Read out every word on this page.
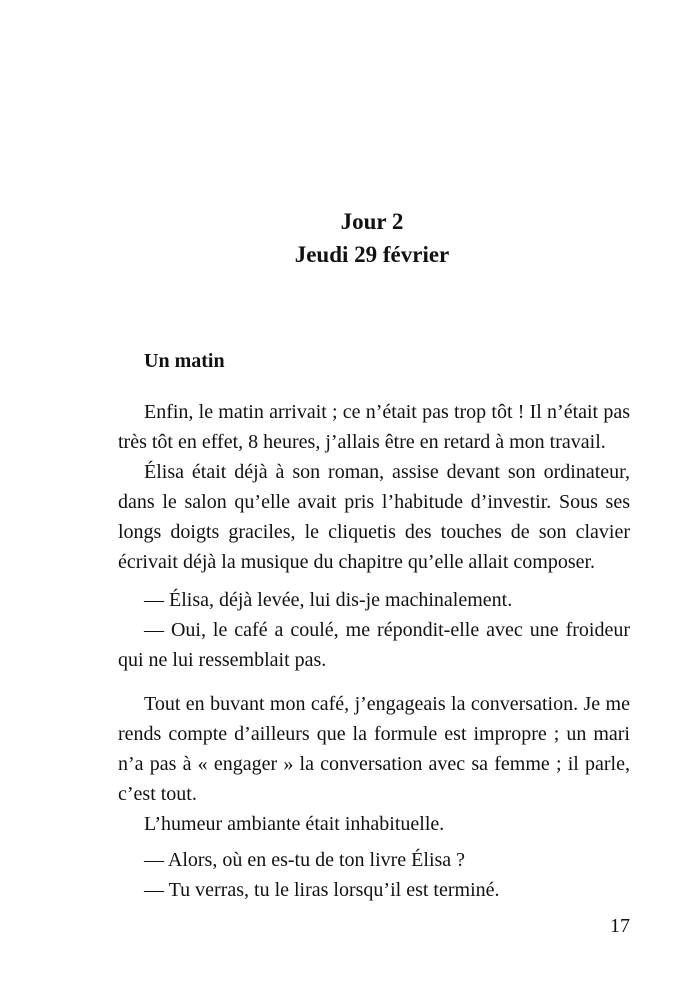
Jour 2
Jeudi 29 février
Un matin

Enfin, le matin arrivait ; ce n’était pas trop tôt ! Il n’était pas très tôt en effet, 8 heures, j’allais être en retard à mon travail.

Élisa était déjà à son roman, assise devant son ordinateur, dans le salon qu’elle avait pris l’habitude d’investir. Sous ses longs doigts graciles, le cliquetis des touches de son clavier écrivait déjà la musique du chapitre qu’elle allait composer.

— Élisa, déjà levée, lui dis-je machinalement.

— Oui, le café a coulé, me répondit-elle avec une froideur qui ne lui ressemblait pas.

Tout en buvant mon café, j’engageais la conversation. Je me rends compte d’ailleurs que la formule est impropre ; un mari n’a pas à « engager » la conversation avec sa femme ; il parle, c’est tout.

L’humeur ambiante était inhabituelle.

— Alors, où en es-tu de ton livre Élisa ?

— Tu verras, tu le liras lorsqu’il est terminé.

17
